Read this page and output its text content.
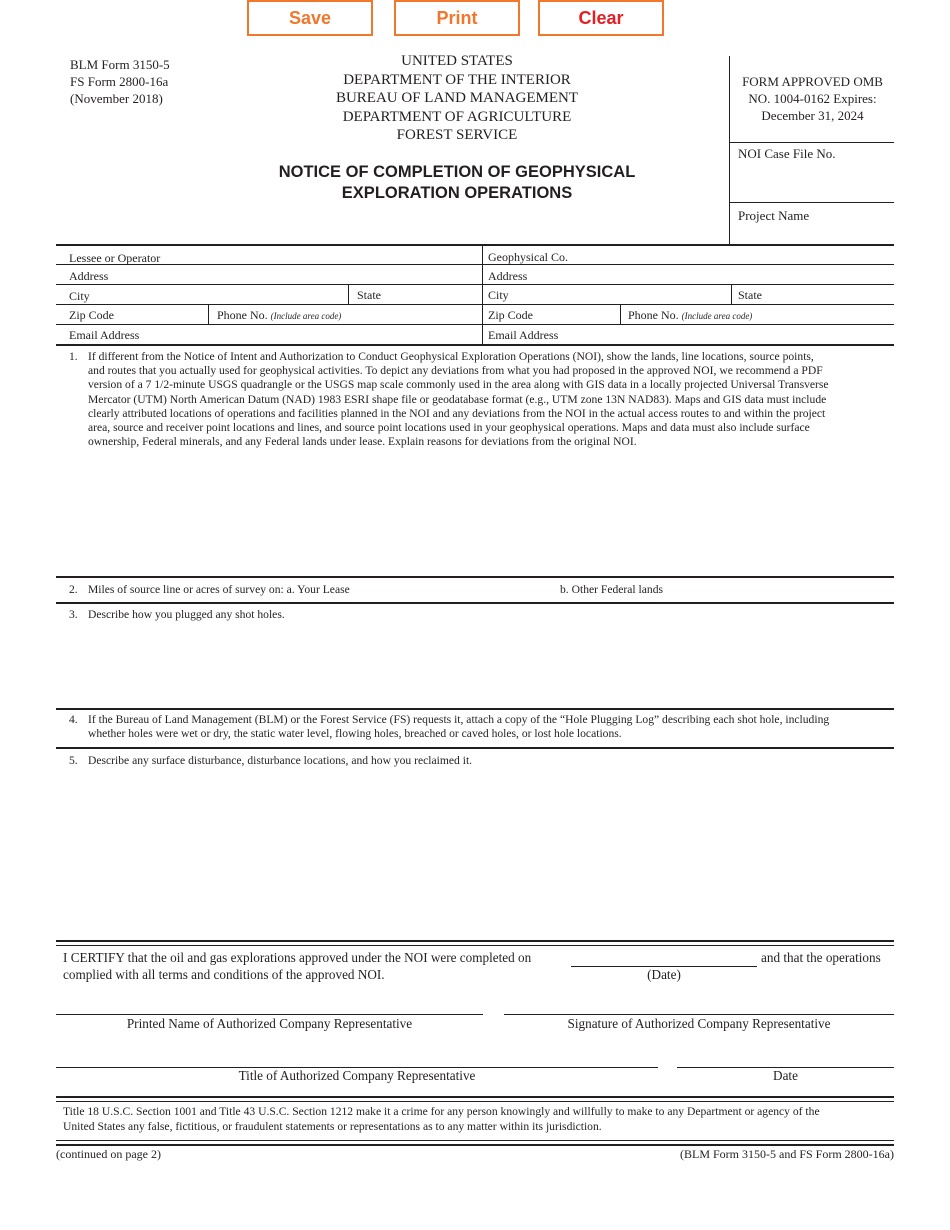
Save	Print	Clear
BLM Form 3150-5
FS Form 2800-16a
(November 2018)
UNITED STATES
DEPARTMENT OF THE INTERIOR
BUREAU OF LAND MANAGEMENT
DEPARTMENT OF AGRICULTURE
FOREST SERVICE
NOTICE OF COMPLETION OF GEOPHYSICAL
EXPLORATION OPERATIONS
FORM APPROVED OMB
NO. 1004-0162 Expires:
December 31, 2024
NOI Case File No.
Project Name
Lessee or Operator	Geophysical Co.
Address	Address
City	State	City	State
Zip Code	Phone No. (Include area code)	Zip Code	Phone No. (Include area code)
Email Address	Email Address
1. If different from the Notice of Intent and Authorization to Conduct Geophysical Exploration Operations (NOI), show the lands, line locations, source points,
and routes that you actually used for geophysical activities. To depict any deviations from what you had proposed in the approved NOI, we recommend a PDF
version of a 7 1/2-minute USGS quadrangle or the USGS map scale commonly used in the area along with GIS data in a locally projected Universal Transverse
Mercator (UTM) North American Datum (NAD) 1983 ESRI shape file or geodatabase format (e.g., UTM zone 13N NAD83). Maps and GIS data must include
clearly attributed locations of operations and facilities planned in the NOI and any deviations from the NOI in the actual access routes to and within the project
area, source and receiver point locations and lines, and source point locations used in your geophysical operations. Maps and data must also include surface
ownership, Federal minerals, and any Federal lands under lease. Explain reasons for deviations from the original NOI.
2. Miles of source line or acres of survey on: a. Your Lease	b. Other Federal lands
3. Describe how you plugged any shot holes.
4. If the Bureau of Land Management (BLM) or the Forest Service (FS) requests it, attach a copy of the “Hole Plugging Log” describing each shot hole, including
whether holes were wet or dry, the static water level, flowing holes, breached or caved holes, or lost hole locations.
5. Describe any surface disturbance, disturbance locations, and how you reclaimed it.
I CERTIFY that the oil and gas explorations approved under the NOI were completed on	and that the operations
complied with all terms and conditions of the approved NOI.	(Date)
Printed Name of Authorized Company Representative	Signature of Authorized Company Representative
Title of Authorized Company Representative	Date
Title 18 U.S.C. Section 1001 and Title 43 U.S.C. Section 1212 make it a crime for any person knowingly and willfully to make to any Department or agency of the
United States any false, fictitious, or fraudulent statements or representations as to any matter within its jurisdiction.
(continued on page 2)	(BLM Form 3150-5 and FS Form 2800-16a)
